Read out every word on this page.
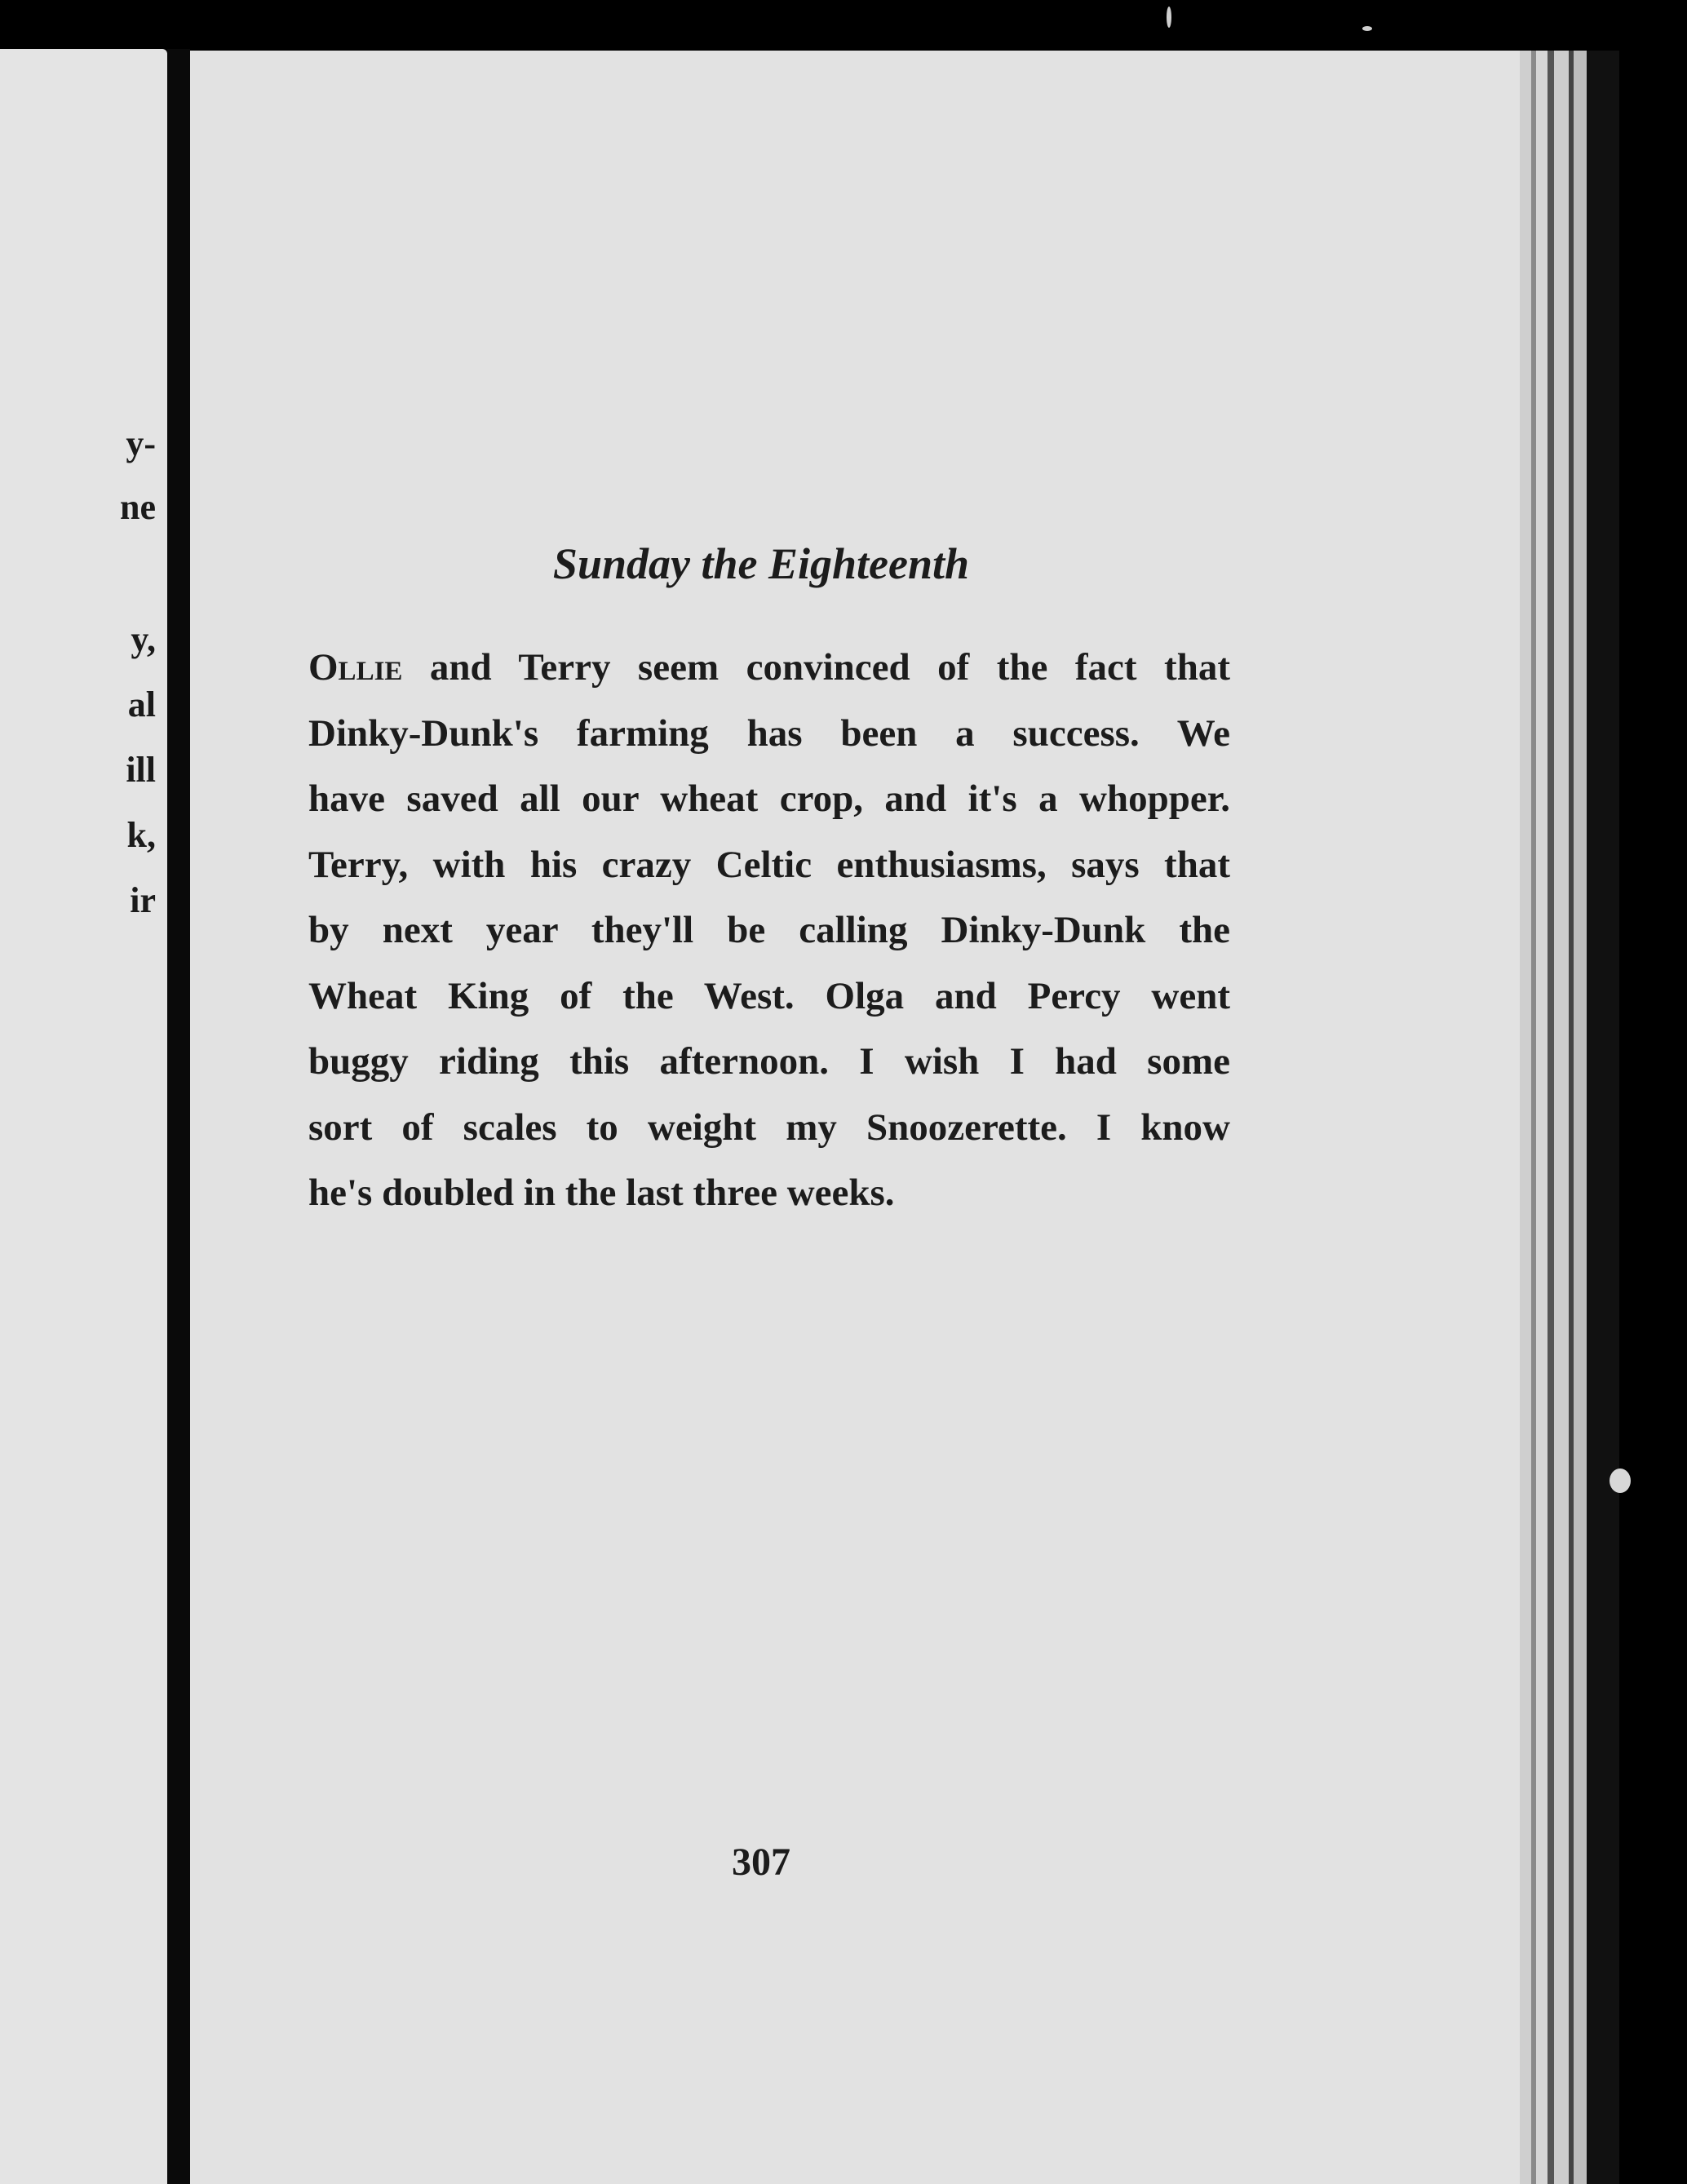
y-
ne
y,
al
ill
k,
ir
Sunday the Eighteenth

Ollie and Terry seem convinced of the fact that
Dinky-Dunk's farming has been a success. We
have saved all our wheat crop, and it's a whopper.
Terry, with his crazy Celtic enthusiasms, says that
by next year they'll be calling Dinky-Dunk the
Wheat King of the West. Olga and Percy went
buggy riding this afternoon. I wish I had some
sort of scales to weight my Snoozerette. I know
he's doubled in the last three weeks.

307
